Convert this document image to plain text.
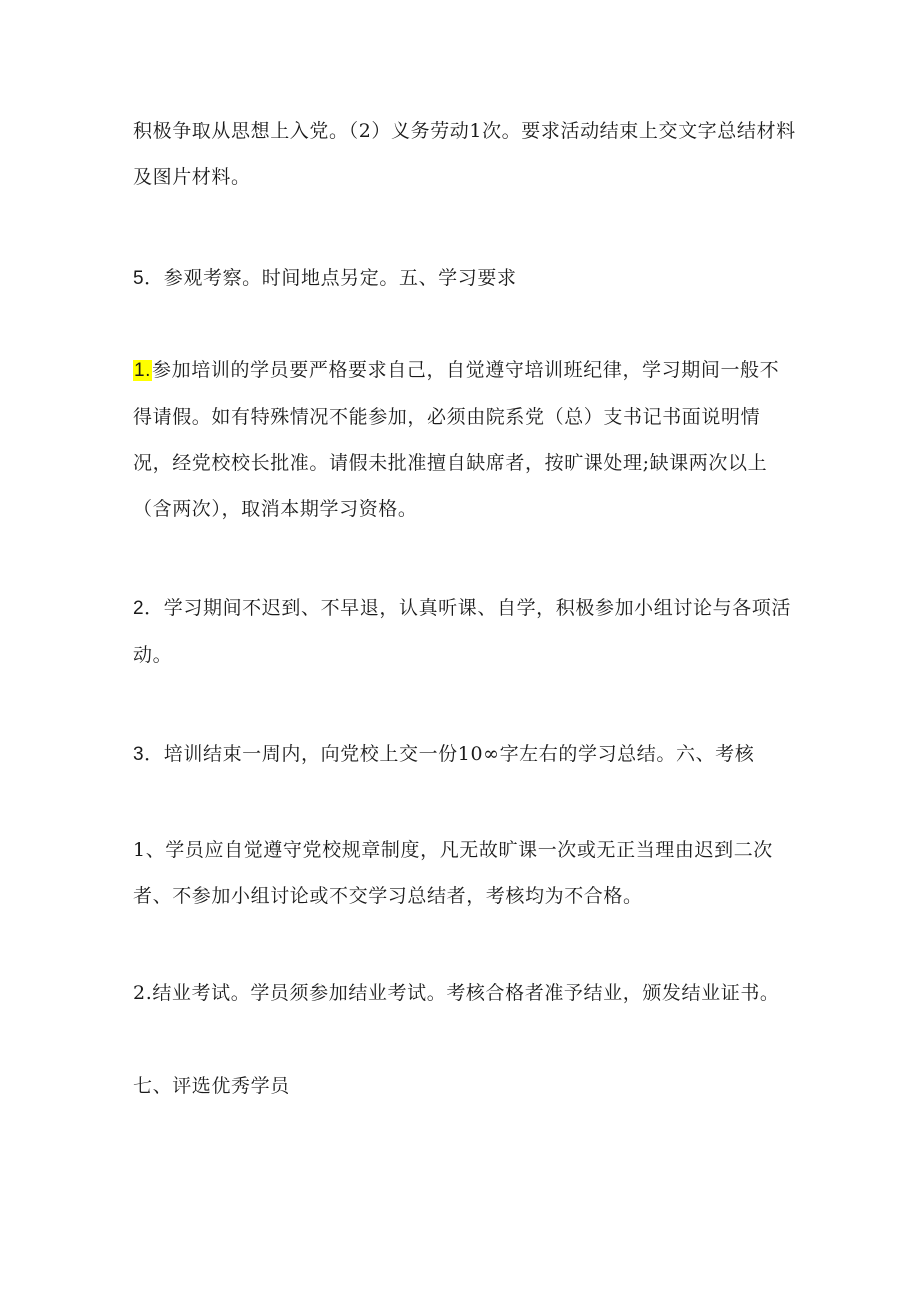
积极争取从思想上入党。（2）义务劳动1次。要求活动结束上交文字总结材料及图片材料。

5．参观考察。时间地点另定。五、学习要求

1.参加培训的学员要严格要求自己，自觉遵守培训班纪律，学习期间一般不得请假。如有特殊情况不能参加，必须由院系党（总）支书记书面说明情况，经党校校长批准。请假未批准擅自缺席者，按旷课处理;缺课两次以上（含两次），取消本期学习资格。

2．学习期间不迟到、不早退，认真听课、自学，积极参加小组讨论与各项活动。

3．培训结束一周内，向党校上交一份10∞字左右的学习总结。六、考核

1、学员应自觉遵守党校规章制度，凡无故旷课一次或无正当理由迟到二次者、不参加小组讨论或不交学习总结者，考核均为不合格。

2.结业考试。学员须参加结业考试。考核合格者准予结业，颁发结业证书。

七、评选优秀学员
